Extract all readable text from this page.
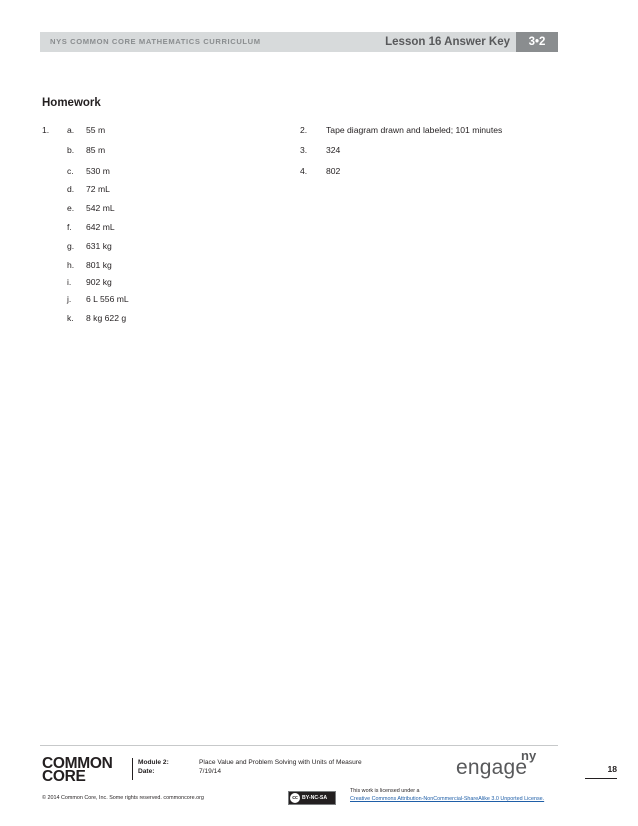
NYS COMMON CORE MATHEMATICS CURRICULUM	Lesson 16 Answer Key	3•2
Homework
1. a. 55 m
b. 85 m
c. 530 m
d. 72 mL
e. 542 mL
f. 642 mL
g. 631 kg
h. 801 kg
i. 902 kg
j. 6 L 556 mL
k. 8 kg 622 g
2. Tape diagram drawn and labeled; 101 minutes
3. 324
4. 802
COMMON
CORE
Module 2:	Place Value and Problem Solving with Units of Measure
Date:	7/19/14	engage
ny
18
© 2014 Common Core, Inc. Some rights reserved. commoncore.org	cc BY-NC-SA
This work is licensed under a
Creative Commons Attribution-NonCommercial-ShareAlike 3.0 Unported License.
